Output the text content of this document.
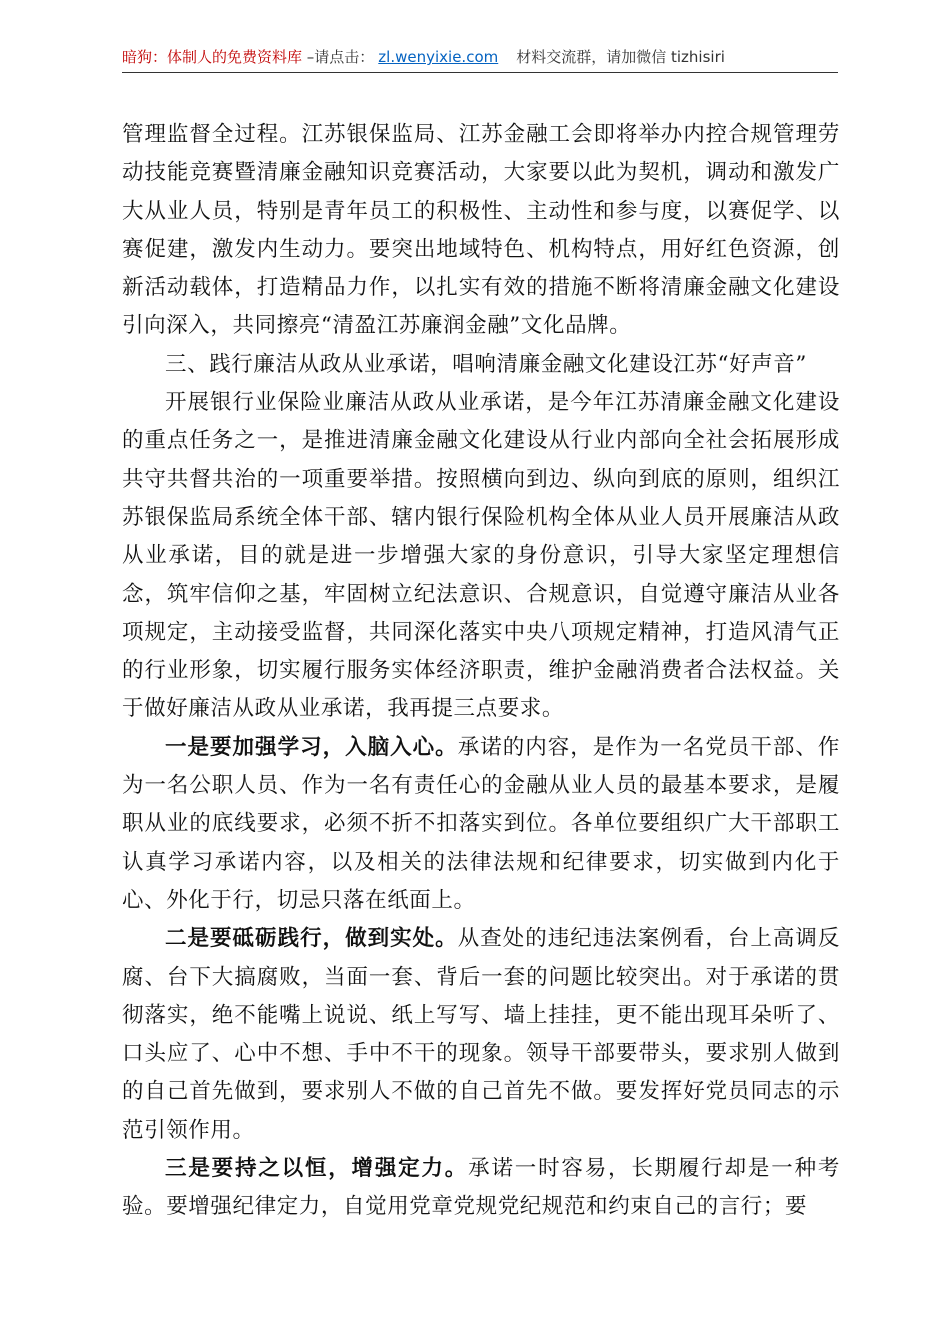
暗狗：体制人的免费资料库 –请点击： zl.wenyixie.com 材料交流群，请加微信 tizhisiri

管理监督全过程。江苏银保监局、江苏金融工会即将举办内控合规管理劳动技能竞赛暨清廉金融知识竞赛活动，大家要以此为契机，调动和激发广大从业人员，特别是青年员工的积极性、主动性和参与度，以赛促学、以赛促建，激发内生动力。要突出地域特色、机构特点，用好红色资源，创新活动载体，打造精品力作，以扎实有效的措施不断将清廉金融文化建设引向深入，共同擦亮“清盈江苏廉润金融”文化品牌。

三、践行廉洁从政从业承诺，唱响清廉金融文化建设江苏“好声音”

开展银行业保险业廉洁从政从业承诺，是今年江苏清廉金融文化建设的重点任务之一，是推进清廉金融文化建设从行业内部向全社会拓展形成共守共督共治的一项重要举措。按照横向到边、纵向到底的原则，组织江苏银保监局系统全体干部、辖内银行保险机构全体从业人员开展廉洁从政从业承诺，目的就是进一步增强大家的身份意识，引导大家坚定理想信念，筑牢信仰之基，牢固树立纪法意识、合规意识，自觉遵守廉洁从业各项规定，主动接受监督，共同深化落实中央八项规定精神，打造风清气正的行业形象，切实履行服务实体经济职责，维护金融消费者合法权益。关于做好廉洁从政从业承诺，我再提三点要求。

一是要加强学习，入脑入心。承诺的内容，是作为一名党员干部、作为一名公职人员、作为一名有责任心的金融从业人员的最基本要求，是履职从业的底线要求，必须不折不扣落实到位。各单位要组织广大干部职工认真学习承诺内容，以及相关的法律法规和纪律要求，切实做到内化于心、外化于行，切忌只落在纸面上。

二是要砥砺践行，做到实处。从查处的违纪违法案例看，台上高调反腐、台下大搞腐败，当面一套、背后一套的问题比较突出。对于承诺的贯彻落实，绝不能嘴上说说、纸上写写、墙上挂挂，更不能出现耳朵听了、口头应了、心中不想、手中不干的现象。领导干部要带头，要求别人做到的自己首先做到，要求别人不做的自己首先不做。要发挥好党员同志的示范引领作用。

三是要持之以恒，增强定力。承诺一时容易，长期履行却是一种考验。要增强纪律定力，自觉用党章党规党纪规范和约束自己的言行；要
